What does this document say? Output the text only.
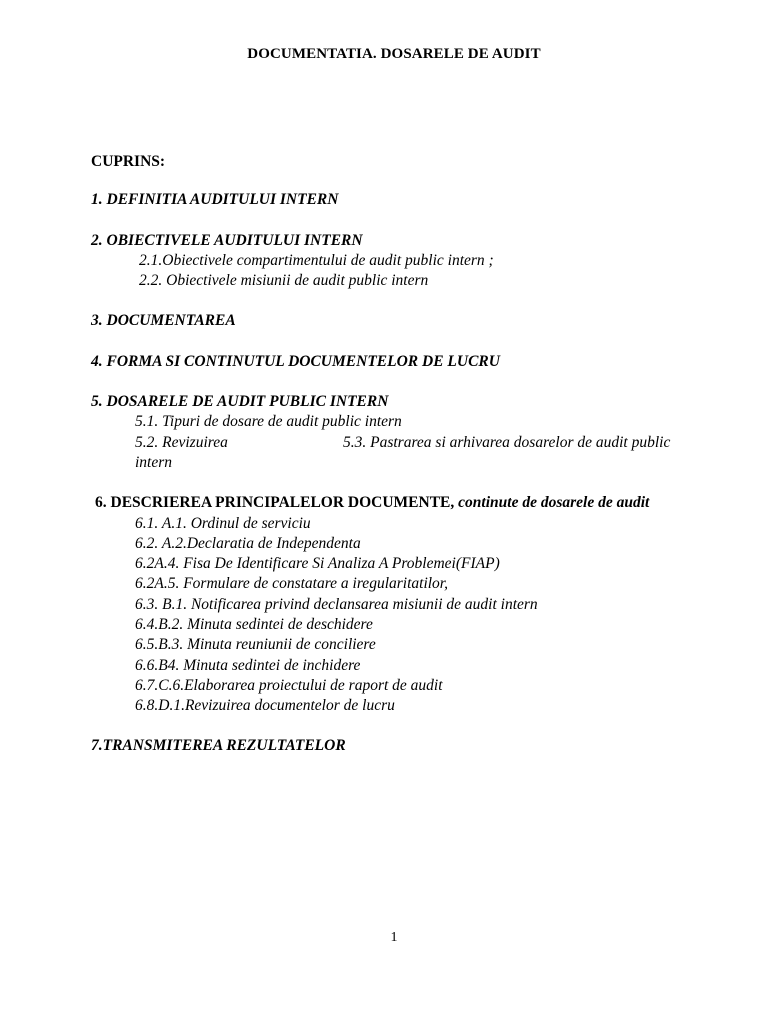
DOCUMENTATIA. DOSARELE DE AUDIT
CUPRINS:
1. DEFINITIA AUDITULUI INTERN
2. OBIECTIVELE AUDITULUI INTERN
2.1.Obiectivele compartimentului de audit public intern ;
2.2. Obiectivele misiunii de audit public intern
3. DOCUMENTAREA
4. FORMA SI CONTINUTUL DOCUMENTELOR DE LUCRU
5. DOSARELE DE AUDIT PUBLIC INTERN
5.1. Tipuri de dosare de audit public intern
5.2. Revizuirea	5.3. Pastrarea si arhivarea dosarelor de audit public
intern
6. DESCRIEREA PRINCIPALELOR DOCUMENTE, continute de dosarele de audit
6.1. A.1. Ordinul de serviciu
6.2. A.2.Declaratia de Independenta
6.2A.4. Fisa De Identificare Si Analiza A Problemei(FIAP)
6.2A.5. Formulare de constatare a iregularitatilor,
6.3. B.1. Notificarea privind declansarea misiunii de audit intern
6.4.B.2. Minuta sedintei de deschidere
6.5.B.3. Minuta reuniunii de conciliere
6.6.B4. Minuta sedintei de inchidere
6.7.C.6.Elaborarea proiectului de raport de audit
6.8.D.1.Revizuirea documentelor de lucru
7.TRANSMITEREA REZULTATELOR
1
